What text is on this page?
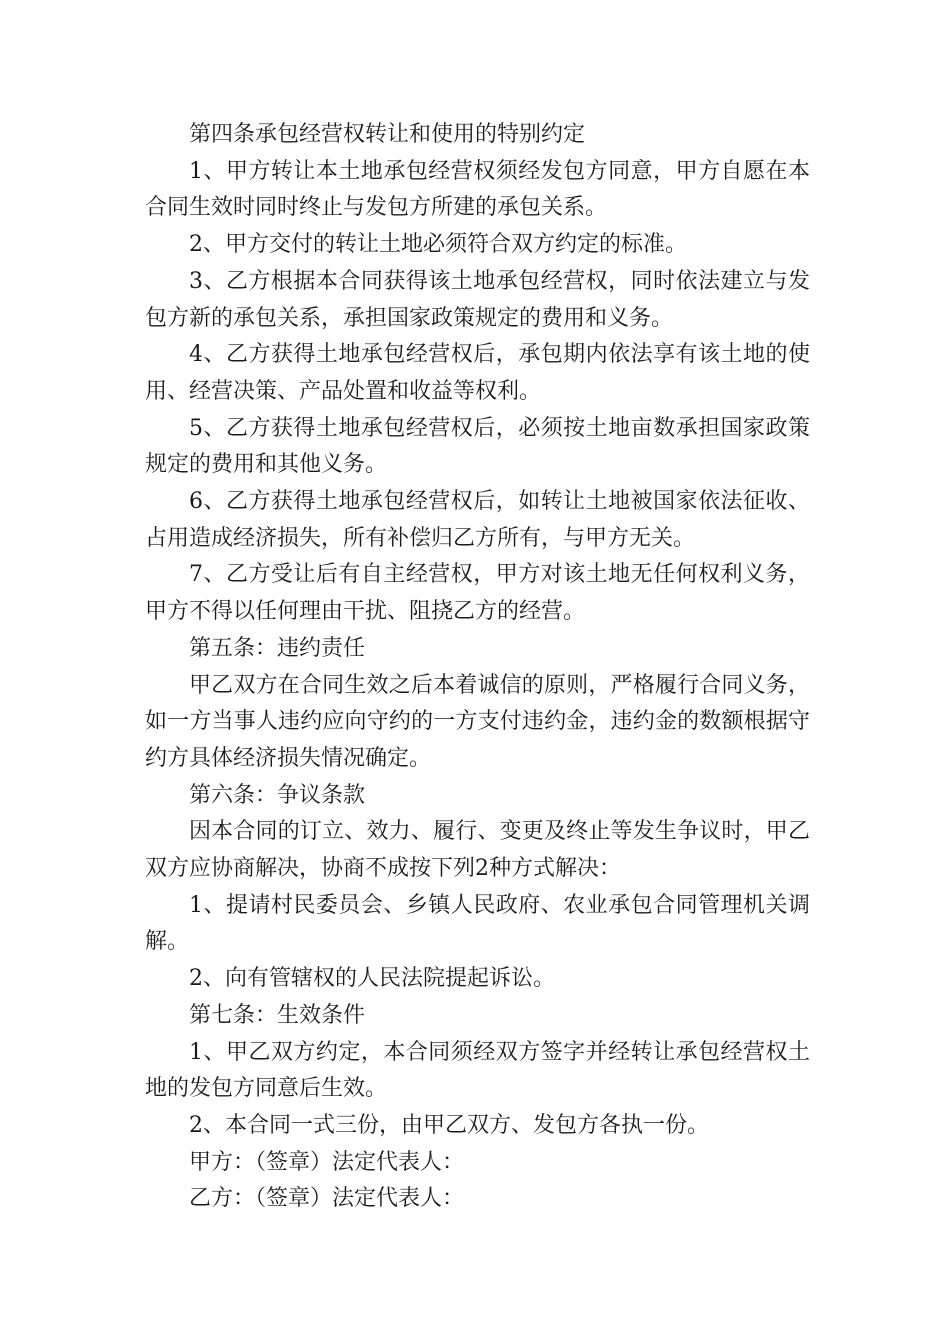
第四条承包经营权转让和使用的特别约定

1、甲方转让本土地承包经营权须经发包方同意，甲方自愿在本合同生效时同时终止与发包方所建的承包关系。

2、甲方交付的转让土地必须符合双方约定的标准。

3、乙方根据本合同获得该土地承包经营权，同时依法建立与发包方新的承包关系，承担国家政策规定的费用和义务。

4、乙方获得土地承包经营权后，承包期内依法享有该土地的使用、经营决策、产品处置和收益等权利。

5、乙方获得土地承包经营权后，必须按土地亩数承担国家政策规定的费用和其他义务。

6、乙方获得土地承包经营权后，如转让土地被国家依法征收、占用造成经济损失，所有补偿归乙方所有，与甲方无关。

7、乙方受让后有自主经营权，甲方对该土地无任何权利义务，甲方不得以任何理由干扰、阻挠乙方的经营。

第五条：违约责任

甲乙双方在合同生效之后本着诚信的原则，严格履行合同义务，如一方当事人违约应向守约的一方支付违约金，违约金的数额根据守约方具体经济损失情况确定。

第六条：争议条款

因本合同的订立、效力、履行、变更及终止等发生争议时，甲乙双方应协商解决，协商不成按下列2种方式解决：

1、提请村民委员会、乡镇人民政府、农业承包合同管理机关调解。

2、向有管辖权的人民法院提起诉讼。

第七条：生效条件

1、甲乙双方约定，本合同须经双方签字并经转让承包经营权土地的发包方同意后生效。

2、本合同一式三份，由甲乙双方、发包方各执一份。

甲方：（签章）法定代表人：

乙方：（签章）法定代表人：
